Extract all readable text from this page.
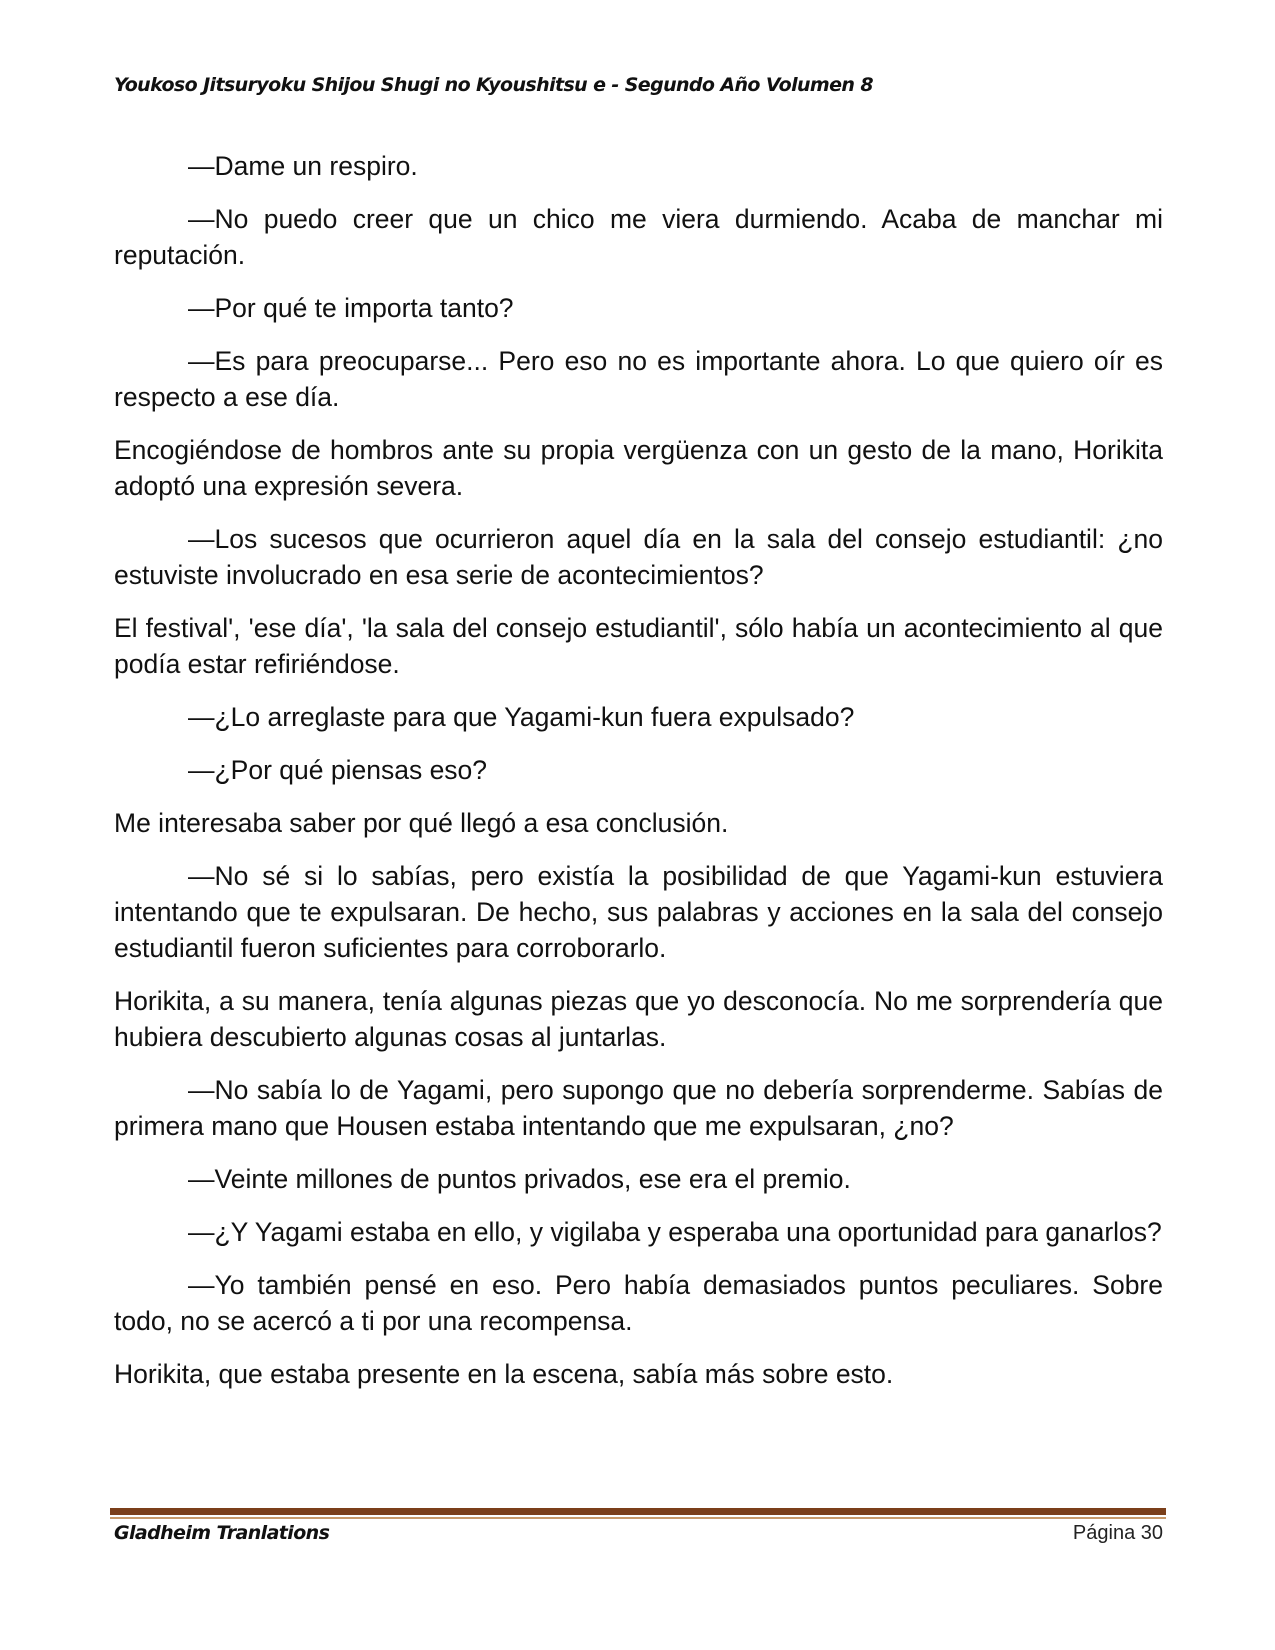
Youkoso Jitsuryoku Shijou Shugi no Kyoushitsu e - Segundo Año Volumen 8

—Dame un respiro.

—No puedo creer que un chico me viera durmiendo. Acaba de manchar mi reputación.

—Por qué te importa tanto?

—Es para preocuparse... Pero eso no es importante ahora. Lo que quiero oír es respecto a ese día.

Encogiéndose de hombros ante su propia vergüenza con un gesto de la mano, Horikita adoptó una expresión severa.

—Los sucesos que ocurrieron aquel día en la sala del consejo estudiantil: ¿no estuviste involucrado en esa serie de acontecimientos?

El festival', 'ese día', 'la sala del consejo estudiantil', sólo había un acontecimiento al que podía estar refiriéndose.

—¿Lo arreglaste para que Yagami-kun fuera expulsado?

—¿Por qué piensas eso?

Me interesaba saber por qué llegó a esa conclusión.

—No sé si lo sabías, pero existía la posibilidad de que Yagami-kun estuviera intentando que te expulsaran. De hecho, sus palabras y acciones en la sala del consejo estudiantil fueron suficientes para corroborarlo.

Horikita, a su manera, tenía algunas piezas que yo desconocía. No me sorprendería que hubiera descubierto algunas cosas al juntarlas.

—No sabía lo de Yagami, pero supongo que no debería sorprenderme. Sabías de primera mano que Housen estaba intentando que me expulsaran, ¿no?

—Veinte millones de puntos privados, ese era el premio.

—¿Y Yagami estaba en ello, y vigilaba y esperaba una oportunidad para ganarlos?

—Yo también pensé en eso. Pero había demasiados puntos peculiares. Sobre todo, no se acercó a ti por una recompensa.

Horikita, que estaba presente en la escena, sabía más sobre esto.

Gladheim Tranlations	Página 30
